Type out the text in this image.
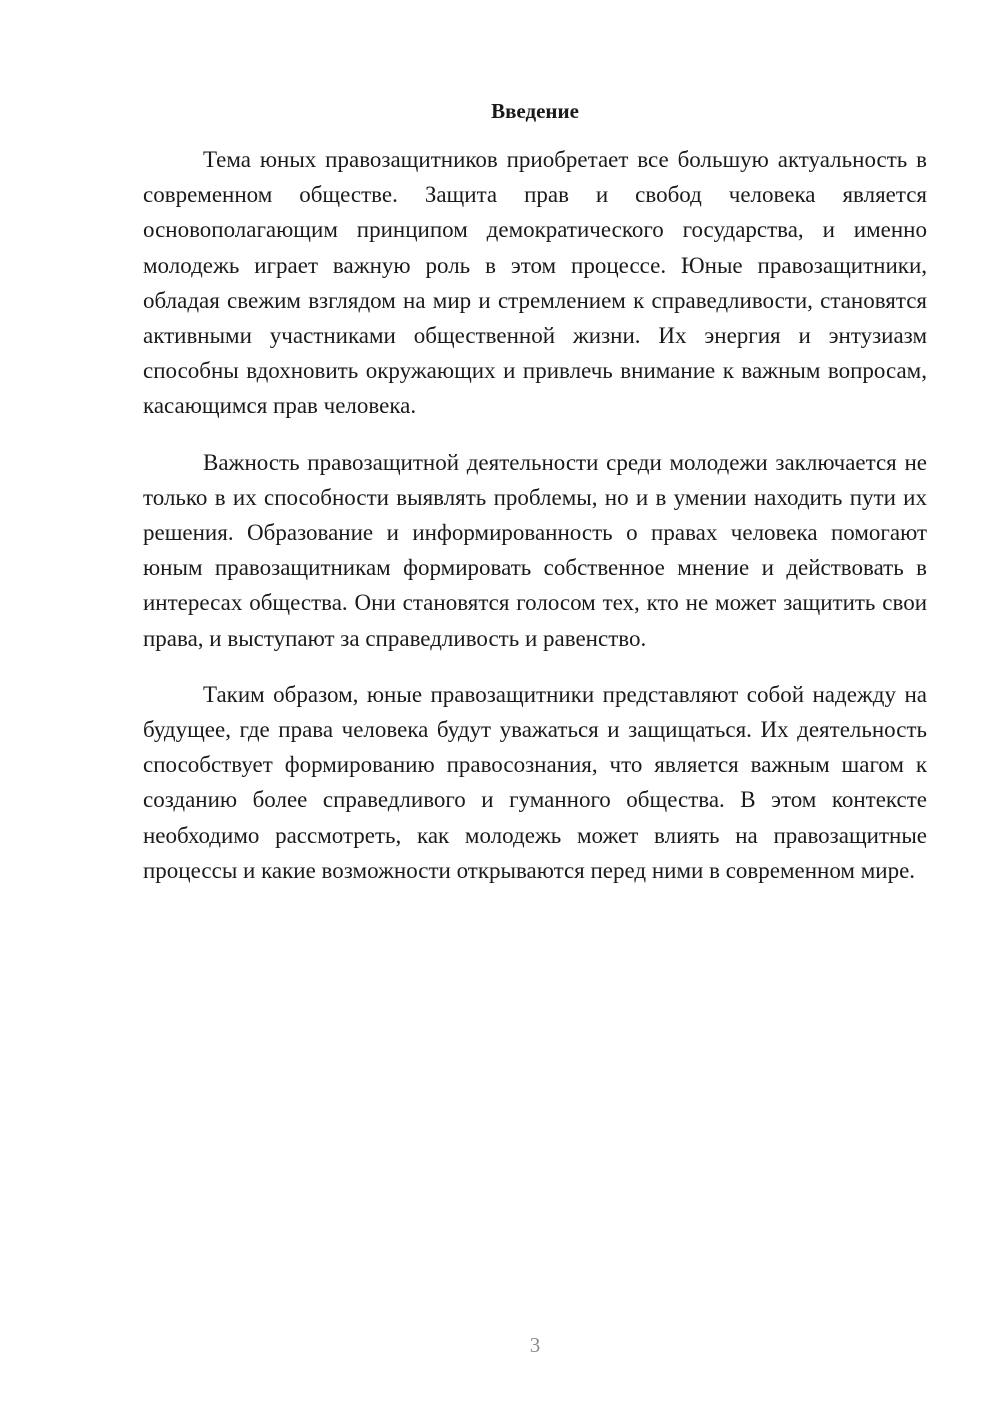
Введение

Тема юных правозащитников приобретает все большую актуальность в современном обществе. Защита прав и свобод человека является основополагающим принципом демократического государства, и именно молодежь играет важную роль в этом процессе. Юные правозащитники, обладая свежим взглядом на мир и стремлением к справедливости, становятся активными участниками общественной жизни. Их энергия и энтузиазм способны вдохновить окружающих и привлечь внимание к важным вопросам, касающимся прав человека.

Важность правозащитной деятельности среди молодежи заключается не только в их способности выявлять проблемы, но и в умении находить пути их решения. Образование и информированность о правах человека помогают юным правозащитникам формировать собственное мнение и действовать в интересах общества. Они становятся голосом тех, кто не может защитить свои права, и выступают за справедливость и равенство.

Таким образом, юные правозащитники представляют собой надежду на будущее, где права человека будут уважаться и защищаться. Их деятельность способствует формированию правосознания, что является важным шагом к созданию более справедливого и гуманного общества. В этом контексте необходимо рассмотреть, как молодежь может влиять на правозащитные процессы и какие возможности открываются перед ними в современном мире.

3
